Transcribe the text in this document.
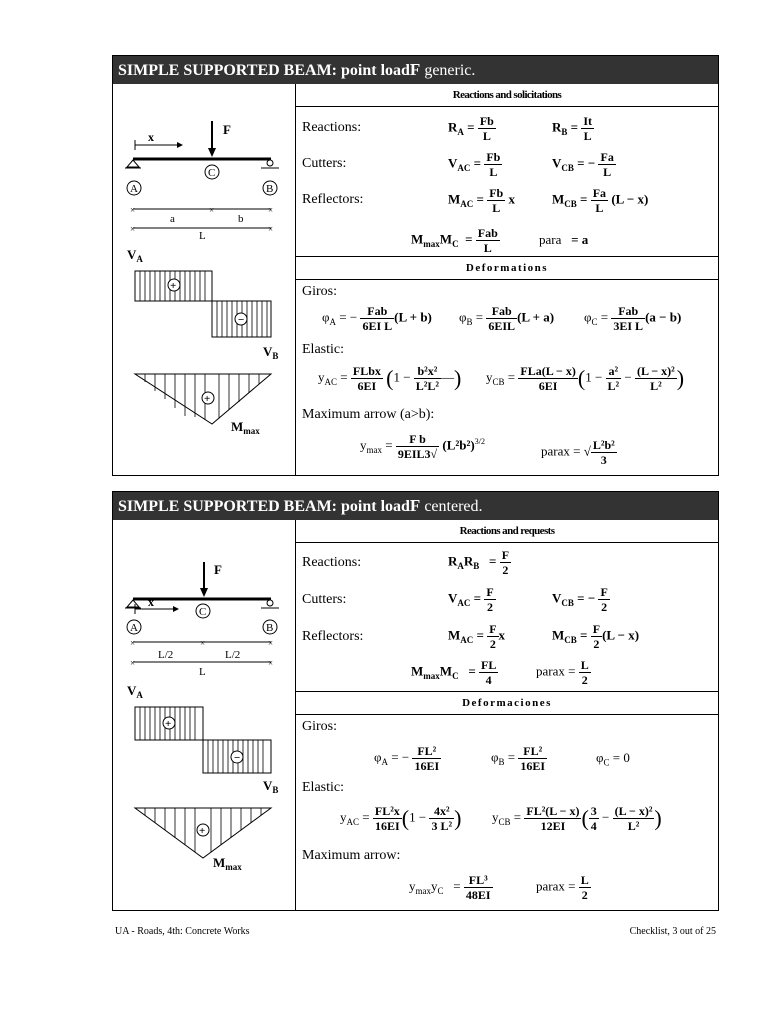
SIMPLE SUPPORTED BEAM: point loadF generic.
x	F
C
A	B
×	×	×
a	b
×	×
L
$V_A$
+
−
$V_B$
+
$M_{max}$
Reactions and solicitations
Reactions:	$R_A = \frac{Fb}{L}$	$R_B = \frac{It}{L}$
Cutters:	$V_{AC} = \frac{Fb}{L}$	$V_{CB}$ = − $\frac{Fa}{L}$
Reflectors:	$M_{AC} = \frac{Fb}{L}$ x	$M_{CB} = \frac{Fa}{L} (L - x)$
$M_{max}M_C = \frac{\text{Fab}}{L}$	para = a
Deformations
Giros:
$\varphi_A$ = − $\frac{\text{Fab}}{\text{6EI L}} (L + b) \varphi_B = \frac{\text{Fab}}{\text{6EIL}} (L + a) \varphi_C = \frac{\text{Fab}}{\text{3EI L}} (a - b)$
Elastic:
$y_{AC} = \frac{\text{FLbx}}{6EI} (1 - \frac{\text{b²x²}}{\text{L²L²}}$ —) $y_{CB} = \frac{\text{FLa(L − x)}}{6EI} (1 - \frac{\text{a²}}{\text{L²}} - \frac{\text{(L − x)²}}{\text{L²}}$ )
Maximum arrow (a>b):
$y_{max} = \frac{\text{F b}}{\text{9EIL3√}} (L^2b^2)^{3/2}$
parax = √ $\frac{\text{L²b²}}{3}$
SIMPLE SUPPORTED BEAM: point loadF centered.
x
F
C
A	B
×	×	×
L/2	L/2
×	×
L
$V_A$
+
−
$V_B$
+
$M_{max}$
Reactions and requests
Reactions:	$R_AR_B = \frac{F}{2}$
Cutters:	$V_{AC} = \frac{F}{2}$	$V_{CB}$ = − $\frac{F}{2}$
Reflectors:	$M_{AC} = \frac{F}{2}$ x	$M_{CB} = \frac{F}{2} (L - x)$
$M_{max}M_C = \frac{FL}{4}$	parax = $\frac{L}{2}$
Deformaciones
Giros:
$\varphi_A$ = − $\frac{\text{FL²}}{16EI}$	$\varphi_B = \frac{\text{FL²}}{16EI}$	$\varphi_C = 0$
Elastic:
$y_{AC} = \frac{\text{FL²x}}{16EI} (1 - \frac{\text{4x²}}{\text{3 L²}}$ ) $y_{CB} = \frac{\text{FL²(L − x)}}{12EI}$ ( $\frac{3}{4} - \frac{\text{(L − x)²}}{\text{L²}}$ )
Maximum arrow:
$y_{max}y_C = \frac{\text{FL³}}{48EI}$	parax = $\frac{L}{2}$
UA - Roads, 4th: Concrete Works	Checklist, 3 out of 25
